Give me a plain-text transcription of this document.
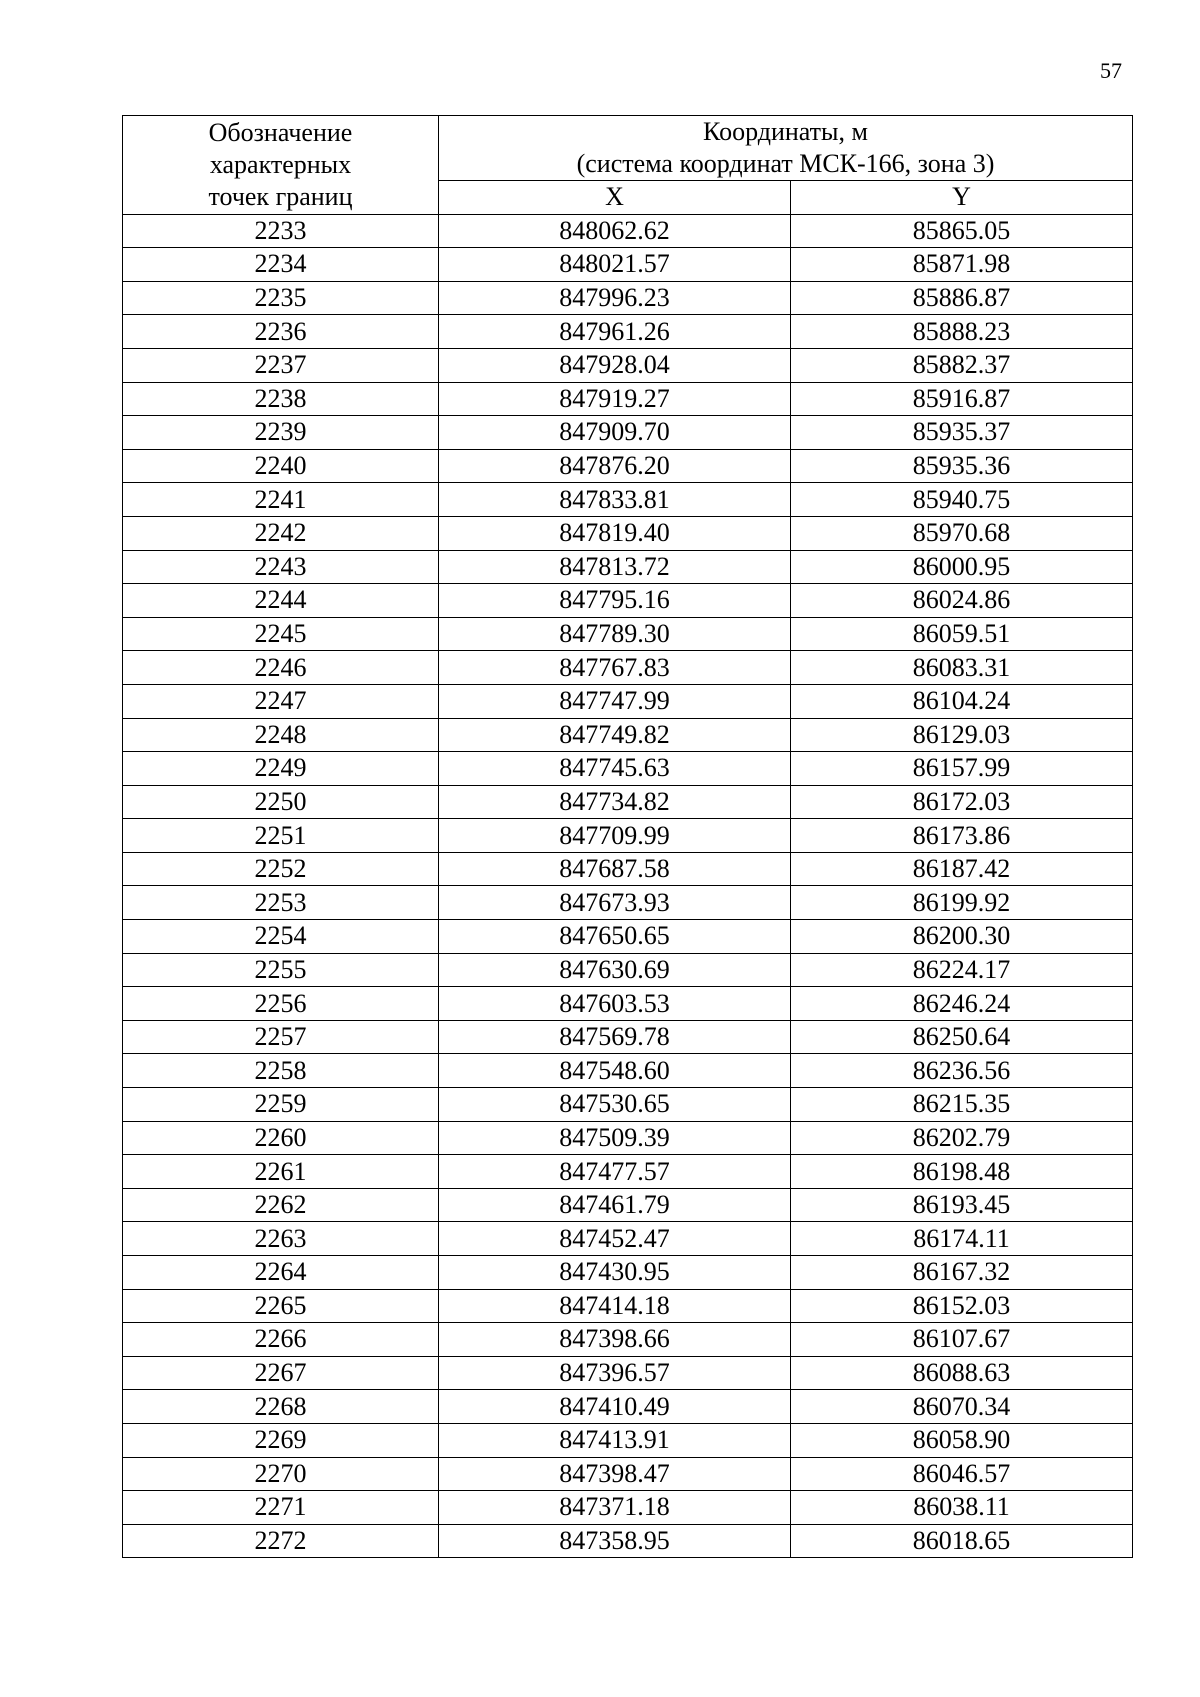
57
Обозначение
характерных
точек границ	Координаты, м
(система координат МСК-166, зона 3)	

	X	Y
2233	848062.62	85865.05
2234	848021.57	85871.98
2235	847996.23	85886.87
2236	847961.26	85888.23
2237	847928.04	85882.37
2238	847919.27	85916.87
2239	847909.70	85935.37
2240	847876.20	85935.36
2241	847833.81	85940.75
2242	847819.40	85970.68
2243	847813.72	86000.95
2244	847795.16	86024.86
2245	847789.30	86059.51
2246	847767.83	86083.31
2247	847747.99	86104.24
2248	847749.82	86129.03
2249	847745.63	86157.99
2250	847734.82	86172.03
2251	847709.99	86173.86
2252	847687.58	86187.42
2253	847673.93	86199.92
2254	847650.65	86200.30
2255	847630.69	86224.17
2256	847603.53	86246.24
2257	847569.78	86250.64
2258	847548.60	86236.56
2259	847530.65	86215.35
2260	847509.39	86202.79
2261	847477.57	86198.48
2262	847461.79	86193.45
2263	847452.47	86174.11
2264	847430.95	86167.32
2265	847414.18	86152.03
2266	847398.66	86107.67
2267	847396.57	86088.63
2268	847410.49	86070.34
2269	847413.91	86058.90
2270	847398.47	86046.57
2271	847371.18	86038.11
2272	847358.95	86018.65
